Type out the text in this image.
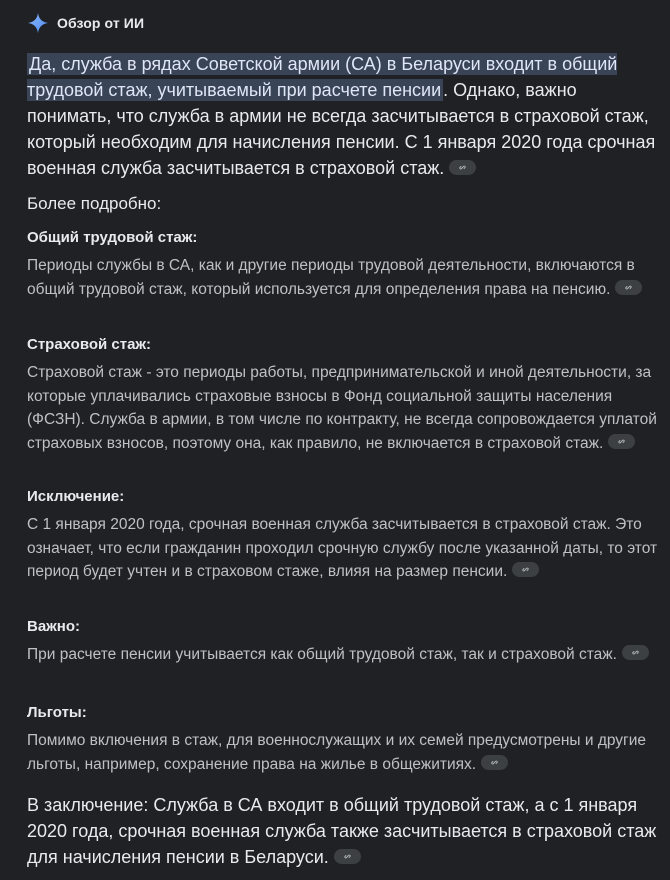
Обзор от ИИ
Да, служба в рядах Советской армии (СА) в Беларуси входит в общий трудовой стаж, учитываемый при расчете пенсии . Однако, важно понимать, что служба в армии не всегда засчитывается в страховой стаж, который необходим для начисления пенсии. С 1 января 2020 года срочная военная служба засчитывается в страховой стаж.
Более подробно:
Общий трудовой стаж:
Периоды службы в СА, как и другие периоды трудовой деятельности, включаются в общий трудовой стаж, который используется для определения права на пенсию.
Страховой стаж:
Страховой стаж - это периоды работы, предпринимательской и иной деятельности, за которые уплачивались страховые взносы в Фонд социальной защиты населения (ФСЗН). Служба в армии, в том числе по контракту, не всегда сопровождается уплатой страховых взносов, поэтому она, как правило, не включается в страховой стаж.
Исключение:
С 1 января 2020 года, срочная военная служба засчитывается в страховой стаж. Это означает, что если гражданин проходил срочную службу после указанной даты, то этот период будет учтен и в страховом стаже, влияя на размер пенсии.
Важно:
При расчете пенсии учитывается как общий трудовой стаж, так и страховой стаж.
Льготы:
Помимо включения в стаж, для военнослужащих и их семей предусмотрены и другие льготы, например, сохранение права на жилье в общежитиях.
В заключение: Служба в СА входит в общий трудовой стаж, а с 1 января 2020 года, срочная военная служба также засчитывается в страховой стаж для начисления пенсии в Беларуси.
